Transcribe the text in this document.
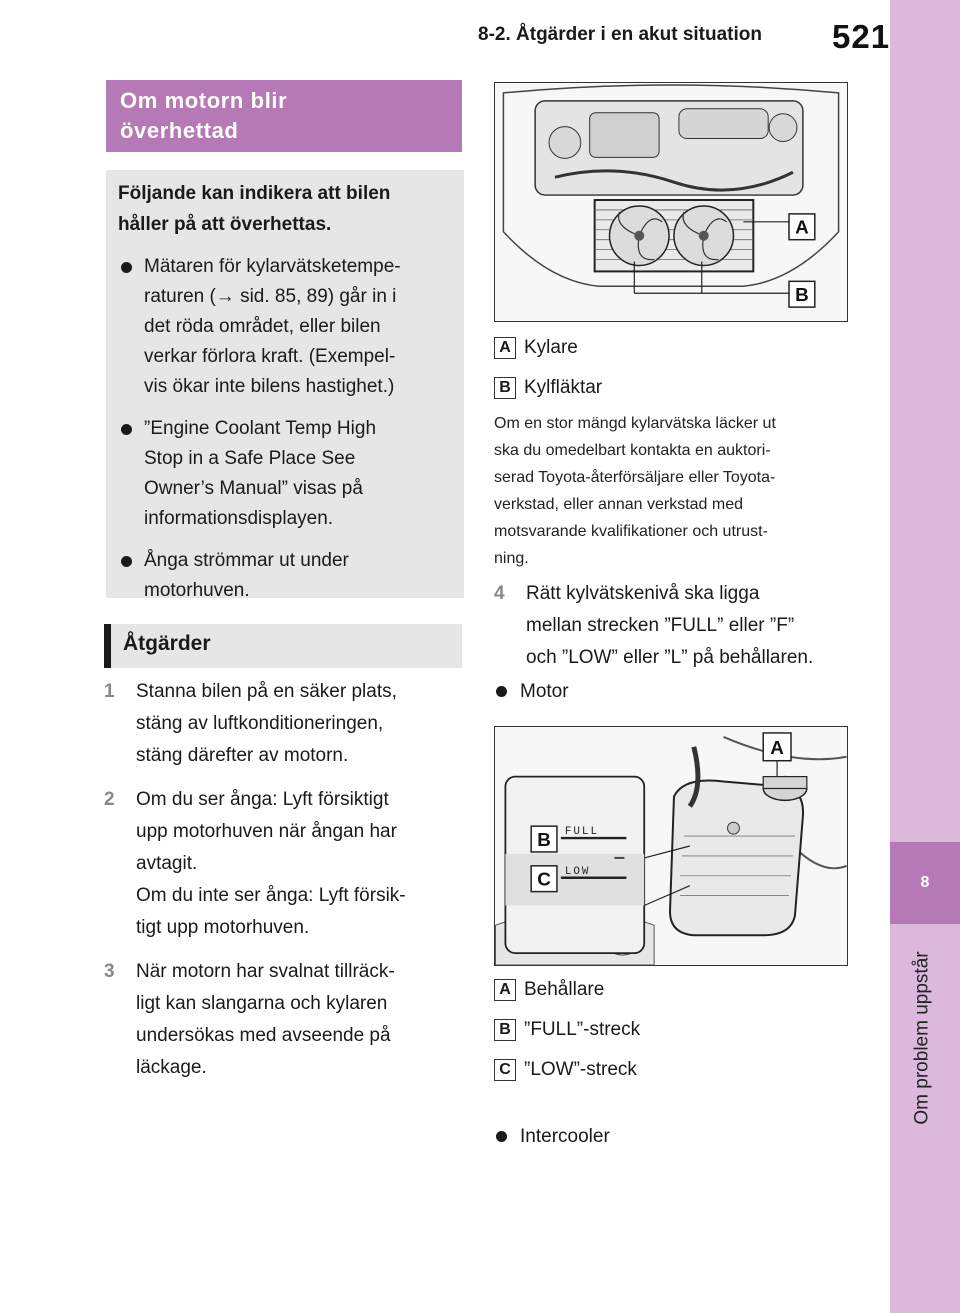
8-2. Åtgärder i en akut situation 521
8
Om problem uppstår
Om motorn blir
överhettad
Följande kan indikera att bilen
håller på att överhettas.
Mätaren för kylarvätsketempe-
raturen (→ sid. 85, 89) går in i
det röda området, eller bilen
verkar förlora kraft. (Exempel-
vis ökar inte bilens hastighet.)
”Engine Coolant Temp High
Stop in a Safe Place See
Owner’s Manual” visas på
informationsdisplayen.
Ånga strömmar ut under
motorhuven.
Åtgärder
1 Stanna bilen på en säker plats,
stäng av luftkonditioneringen,
stäng därefter av motorn.
2 Om du ser ånga: Lyft försiktigt
upp motorhuven när ångan har
avtagit.
Om du inte ser ånga: Lyft försik-
tigt upp motorhuven.
3 När motorn har svalnat tillräck-
ligt kan slangarna och kylaren
undersökas med avseende på
läckage.
A
B
A Kylare
B Kylfläktar
Om en stor mängd kylarvätska läcker ut
ska du omedelbart kontakta en auktori-
serad Toyota-återförsäljare eller Toyota-
verkstad, eller annan verkstad med
motsvarande kvalifikationer och utrust-
ning.
4 Rätt kylvätskenivå ska ligga
mellan strecken ”FULL” eller ”F”
och ”LOW” eller ”L” på behållaren.
Motor
FULL
LOW
A
B
C
A Behållare
B ”FULL”-streck
C ”LOW”-streck
Intercooler
